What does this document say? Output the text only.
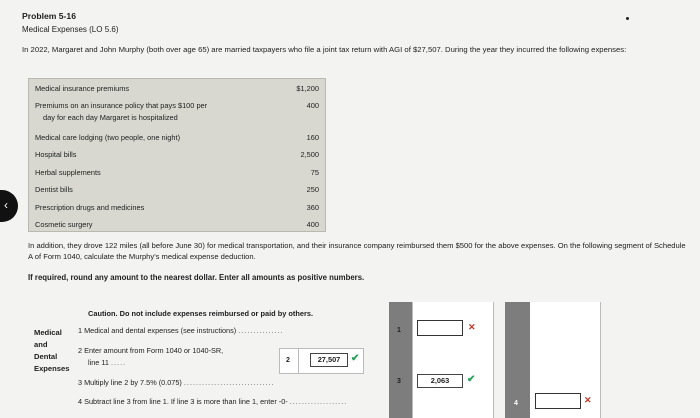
Problem 5-16
Medical Expenses (LO 5.6)
In 2022, Margaret and John Murphy (both over age 65) are married taxpayers who file a joint tax return with AGI of $27,507. During the year they incurred the following expenses:
Medical insurance premiums	$1,200
Premiums on an insurance policy that pays $100 per	400
day for each day Margaret is hospitalized
Medical care lodging (two people, one night)	160
Hospital bills	2,500
Herbal supplements	75
Dentist bills	250
Prescription drugs and medicines	360
Cosmetic surgery	400
‹
In addition, they drove 122 miles (all before June 30) for medical transportation, and their insurance company reimbursed them $500 for the above expenses. On the following segment of Schedule A of Form 1040, calculate the Murphy's medical expense deduction.
If required, round any amount to the nearest dollar. Enter all amounts as positive numbers.
Caution. Do not include expenses reimbursed or paid by others.
Medical
and
Dental
Expenses
1 Medical and dental expenses (see instructions) ...............	1	✕
2 Enter amount from Form 1040 or 1040-SR,
line 11 .....	2	27,507	✔
3 Multiply line 2 by 7.5% (0.075) ..............................	3	2,063	✔
4 Subtract line 3 from line 1. If line 3 is more than line 1, enter -0- ...................	4	✕
